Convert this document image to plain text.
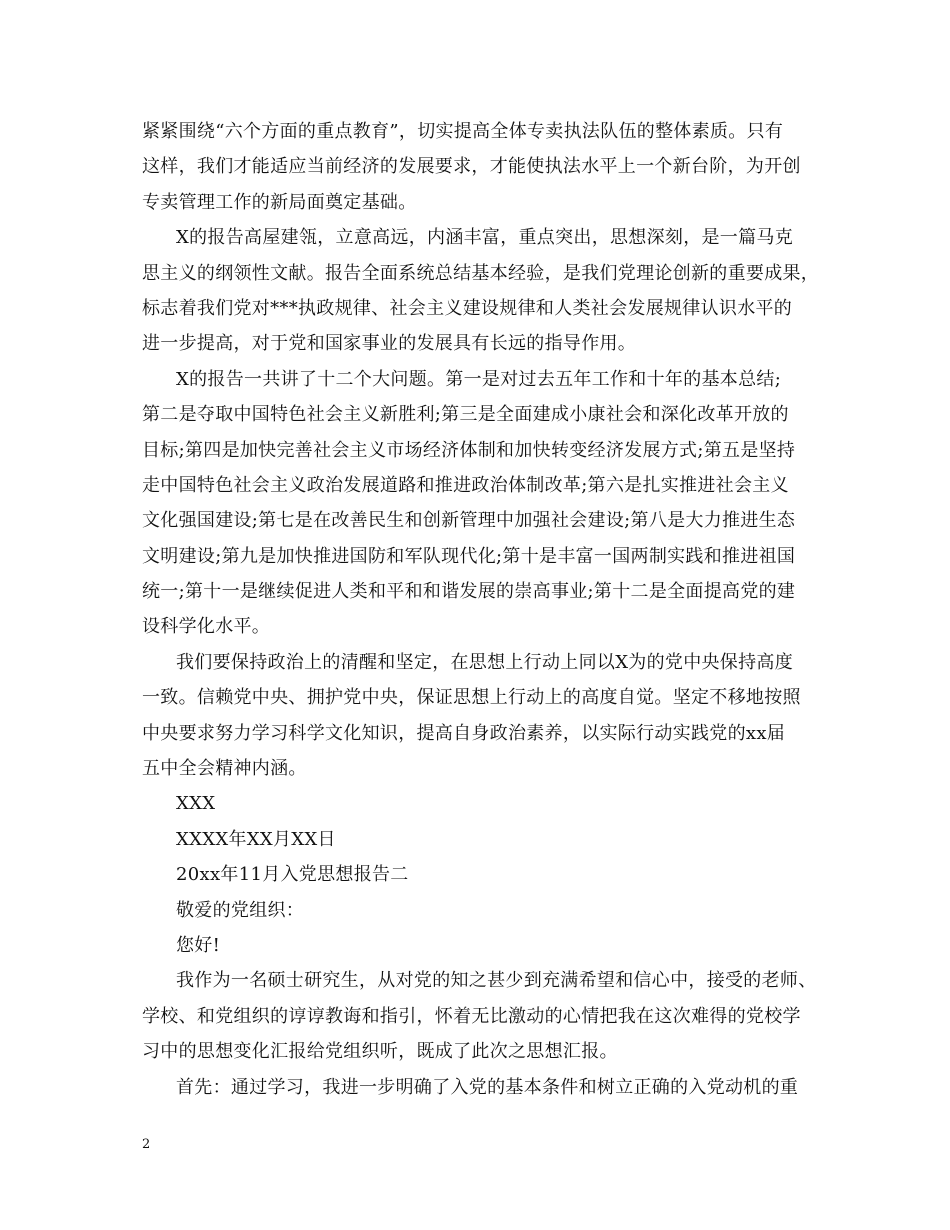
紧紧围绕“六个方面的重点教育”，切实提高全体专卖执法队伍的整体素质。只有
这样，我们才能适应当前经济的发展要求，才能使执法水平上一个新台阶，为开创
专卖管理工作的新局面奠定基础。
X的报告高屋建瓴，立意高远，内涵丰富，重点突出，思想深刻，是一篇马克
思主义的纲领性文献。报告全面系统总结基本经验，是我们党理论创新的重要成果，
标志着我们党对***执政规律、社会主义建设规律和人类社会发展规律认识水平的
进一步提高，对于党和国家事业的发展具有长远的指导作用。
X的报告一共讲了十二个大问题。第一是对过去五年工作和十年的基本总结;
第二是夺取中国特色社会主义新胜利;第三是全面建成小康社会和深化改革开放的
目标;第四是加快完善社会主义市场经济体制和加快转变经济发展方式;第五是坚持
走中国特色社会主义政治发展道路和推进政治体制改革;第六是扎实推进社会主义
文化强国建设;第七是在改善民生和创新管理中加强社会建设;第八是大力推进生态
文明建设;第九是加快推进国防和军队现代化;第十是丰富一国两制实践和推进祖国
统一;第十一是继续促进人类和平和和谐发展的崇高事业;第十二是全面提高党的建
设科学化水平。
我们要保持政治上的清醒和坚定，在思想上行动上同以X为的党中央保持高度
一致。信赖党中央、拥护党中央，保证思想上行动上的高度自觉。坚定不移地按照
中央要求努力学习科学文化知识，提高自身政治素养，以实际行动实践党的xx届
五中全会精神内涵。
XXX
XXXX年XX月XX日
20xx年11月入党思想报告二
敬爱的党组织：
您好!
我作为一名硕士研究生，从对党的知之甚少到充满希望和信心中，接受的老师、
学校、和党组织的谆谆教诲和指引，怀着无比激动的心情把我在这次难得的党校学
习中的思想变化汇报给党组织听，既成了此次之思想汇报。
首先：通过学习，我进一步明确了入党的基本条件和树立正确的入党动机的重
2
